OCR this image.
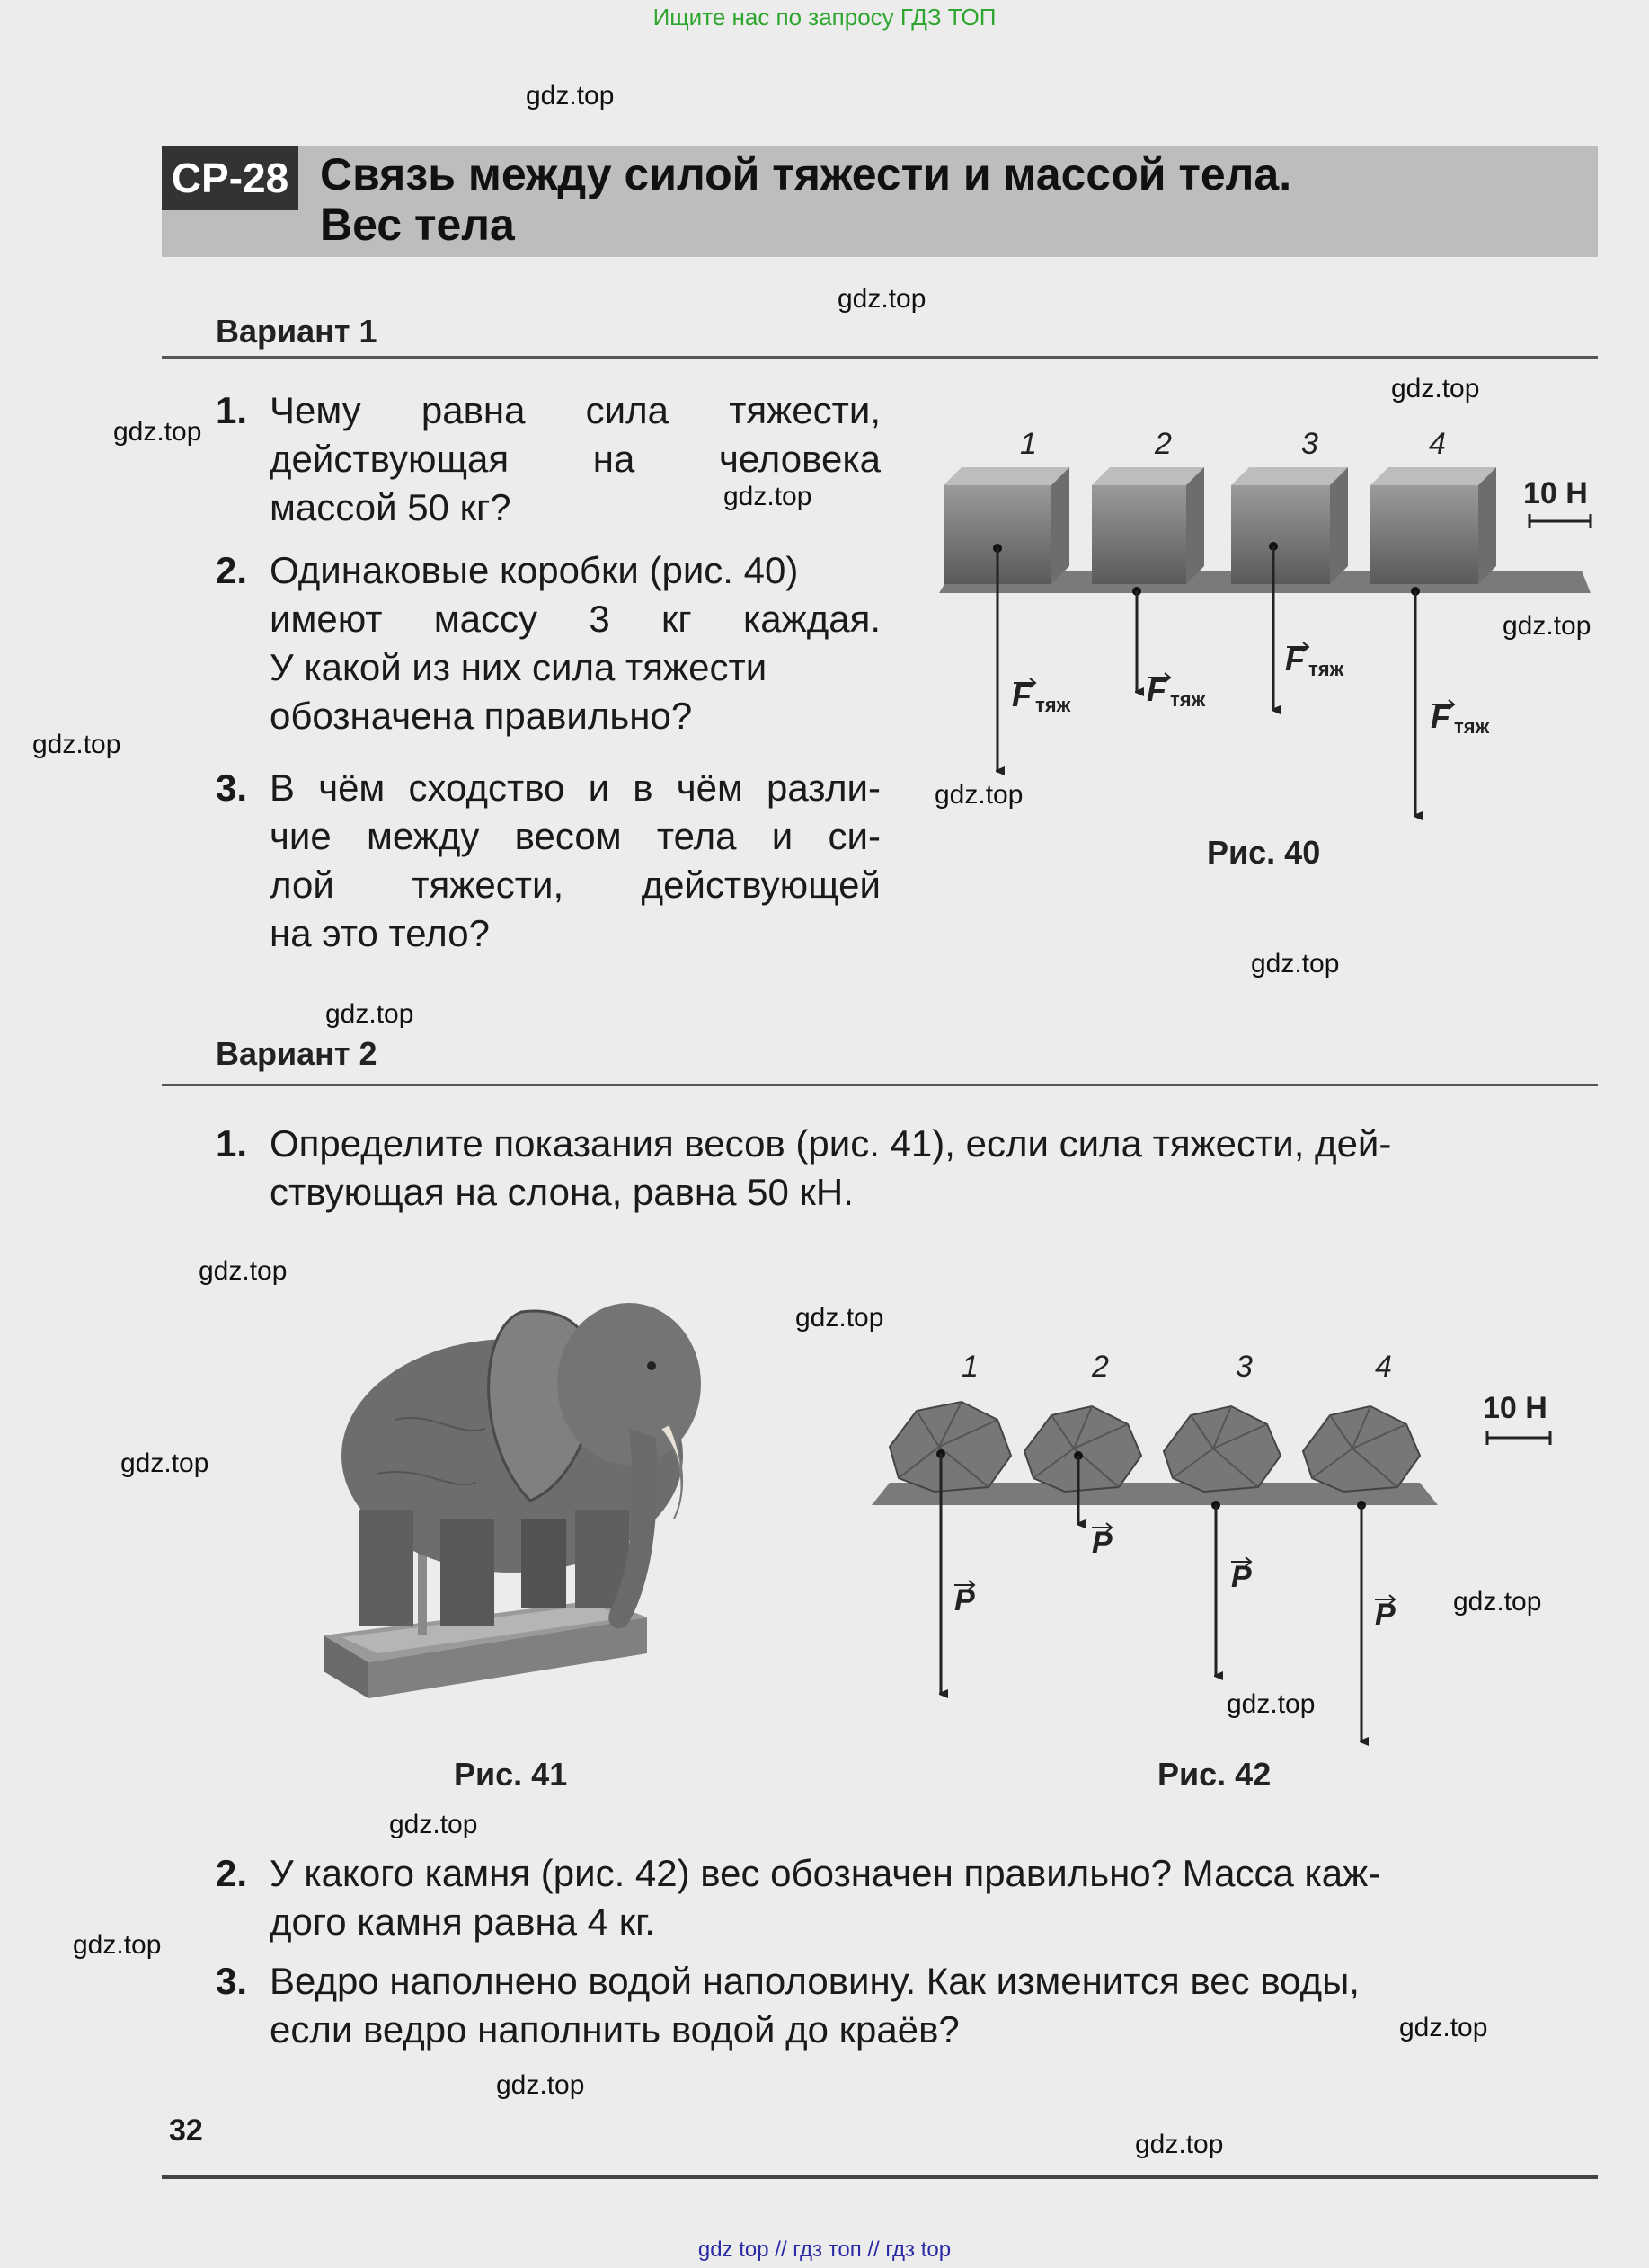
Ищите нас по запросу ГДЗ ТОП
gdz.top
gdz.top
gdz.top
gdz.top
gdz.top
gdz.top
gdz.top
gdz.top
gdz.top
gdz.top
gdz.top
gdz.top
gdz.top
gdz.top
gdz.top
gdz.top
gdz.top
gdz.top
gdz.top
gdz.top
СР-28 Связь между силой тяжести и массой тела.
Вес тела
Вариант 1
1. Чему равна сила тяжести,
действующая на человека
массой 50 кг?
2. Одинаковые коробки (рис. 40)
имеют массу 3 кг каждая.
У какой из них сила тяжести
обозначена правильно?
3. В чём сходство и в чём разли-
чие между весом тела и си-
лой тяжести, действующей
на это тело?
1	2	3	4
10 Н
F тяж F тяж
F тяж
F тяж
Рис. 40
Вариант 2
1. Определите показания весов (рис. 41), если сила тяжести, дей-
ствующая на слона, равна 50 кН.
Рис. 41
1	2	3	4
10 Н
P
P
P
P
Рис. 42
2. У какого камня (рис. 42) вес обозначен правильно? Масса каж-
дого камня равна 4 кг.
3. Ведро наполнено водой наполовину. Как изменится вес воды,
если ведро наполнить водой до краёв?
32
gdz top // гдз топ // гдз top
